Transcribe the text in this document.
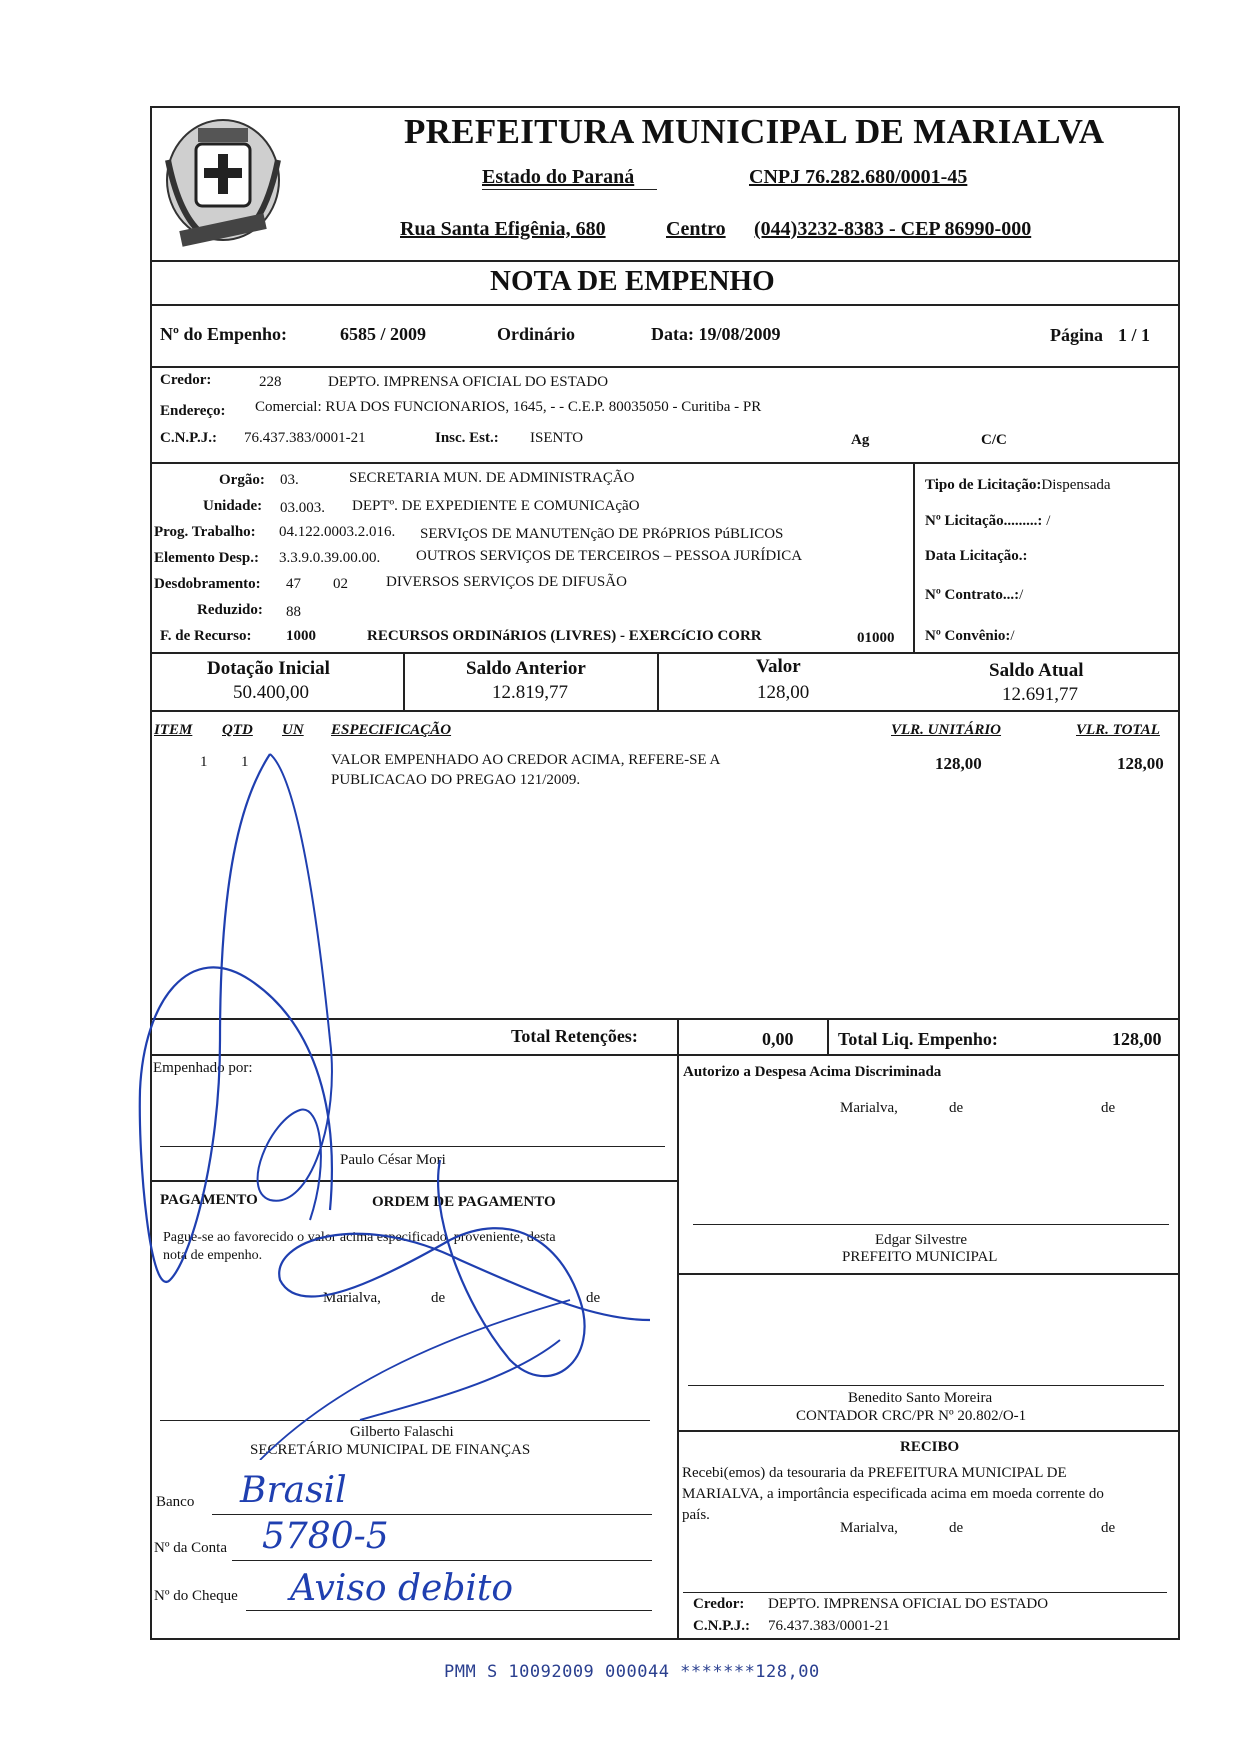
PREFEITURA MUNICIPAL DE MARIALVA
Estado do Paraná	CNPJ 76.282.680/0001-45
Rua Santa Efigênia, 680	Centro (044)3232-8383 - CEP 86990-000
NOTA DE EMPENHO
Nº do Empenho:	6585 / 2009	Ordinário	Data: 19/08/2009	Página 1 / 1
Credor:	228	DEPTO. IMPRENSA OFICIAL DO ESTADO
Endereço: Comercial: RUA DOS FUNCIONARIOS, 1645, - - C.E.P. 80035050 - Curitiba - PR
C.N.P.J.: 76.437.383/0001-21	Insc. Est.: ISENTO	Ag	C/C
Orgão: 03.	SECRETARIA MUN. DE ADMINISTRAÇÃO
Unidade: 03.003. DEPTº. DE EXPEDIENTE E COMUNICAçãO
Prog. Trabalho: 04.122.0003.2.016. SERVIçOS DE MANUTENçãO DE PRóPRIOS PúBLICOS
Elemento Desp.: 3.3.9.0.39.00.00. OUTROS SERVIÇOS DE TERCEIROS – PESSOA JURÍDICA
Desdobramento: 47 02	DIVERSOS SERVIÇOS DE DIFUSÃO
Reduzido: 88
F. de Recurso: 1000	RECURSOS ORDINáRIOS (LIVRES) - EXERCíCIO CORR	01000
Tipo de Licitação:Dispensada
Nº Licitação.........: /
Data Licitação.:
Nº Contrato...:/
Nº Convênio:/
Dotação Inicial
50.400,00
Saldo Anterior
12.819,77
Valor
128,00
Saldo Atual
12.691,77
ITEM QTD UN ESPECIFICAÇÃO	VLR. UNITÁRIO	VLR. TOTAL
1 1	VALOR EMPENHADO AO CREDOR ACIMA, REFERE-SE A
PUBLICACAO DO PREGAO 121/2009.
128,00	128,00
Total Retenções:	0,00 Total Liq. Empenho:	128,00
Empenhado por:
Paulo César Mori
PAGAMENTO	ORDEM DE PAGAMENTO
Pague-se ao favorecido o valor acima especificado, proveniente, desta
nota de empenho.
Marialva,	de	de
Gilberto Falaschi
SECRETÁRIO MUNICIPAL DE FINANÇAS
Banco Brasil
Nº da Conta 5780-5
Nº do Cheque Aviso debito
Autorizo a Despesa Acima Discriminada
Marialva,	de	de
Edgar Silvestre
PREFEITO MUNICIPAL
Benedito Santo Moreira
CONTADOR CRC/PR Nº 20.802/O-1
RECIBO
Recebi(emos) da tesouraria da PREFEITURA MUNICIPAL DE
MARIALVA, a importância especificada acima em moeda corrente do
país.
Marialva,	de	de
Credor: DEPTO. IMPRENSA OFICIAL DO ESTADO
C.N.P.J.: 76.437.383/0001-21
PMM S 10092009 000044 *******128,00
